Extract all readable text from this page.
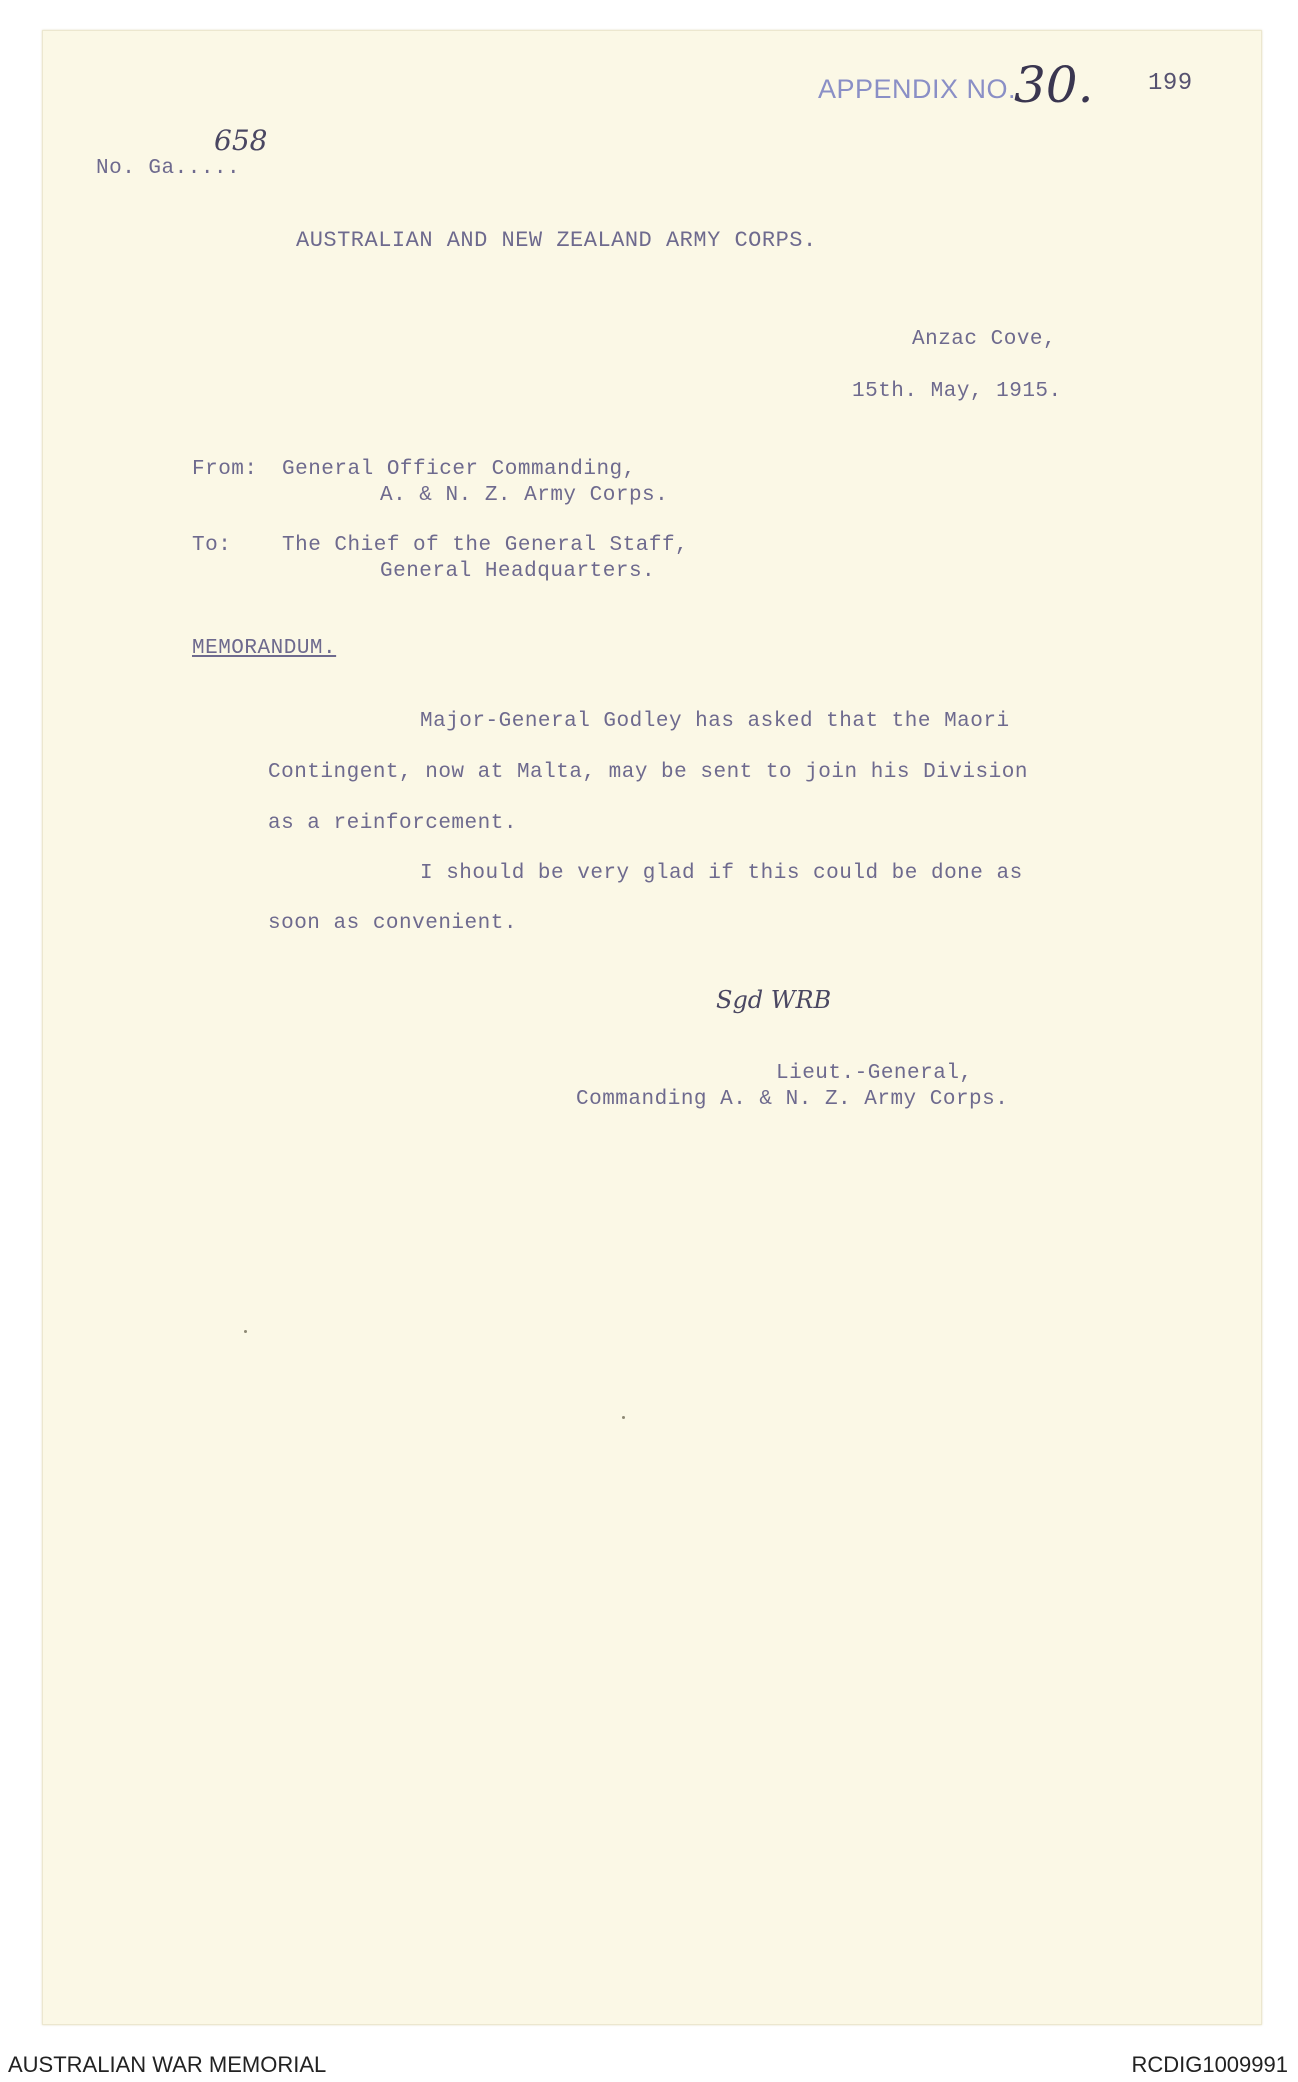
APPENDIX NO.
30. 199
No. Ga.....
658
AUSTRALIAN AND NEW ZEALAND ARMY CORPS.
Anzac Cove,
15th. May, 1915.
From: General Officer Commanding,
A. & N. Z. Army Corps.
To: The Chief of the General Staff,
General Headquarters.
MEMORANDUM.
Major-General Godley has asked that the Maori
Contingent, now at Malta, may be sent to join his Division
as a reinforcement.
I should be very glad if this could be done as
soon as convenient.
Sgd WRB
Lieut.-General,
Commanding A. & N. Z. Army Corps.
AUSTRALIAN WAR MEMORIAL	RCDIG1009991
